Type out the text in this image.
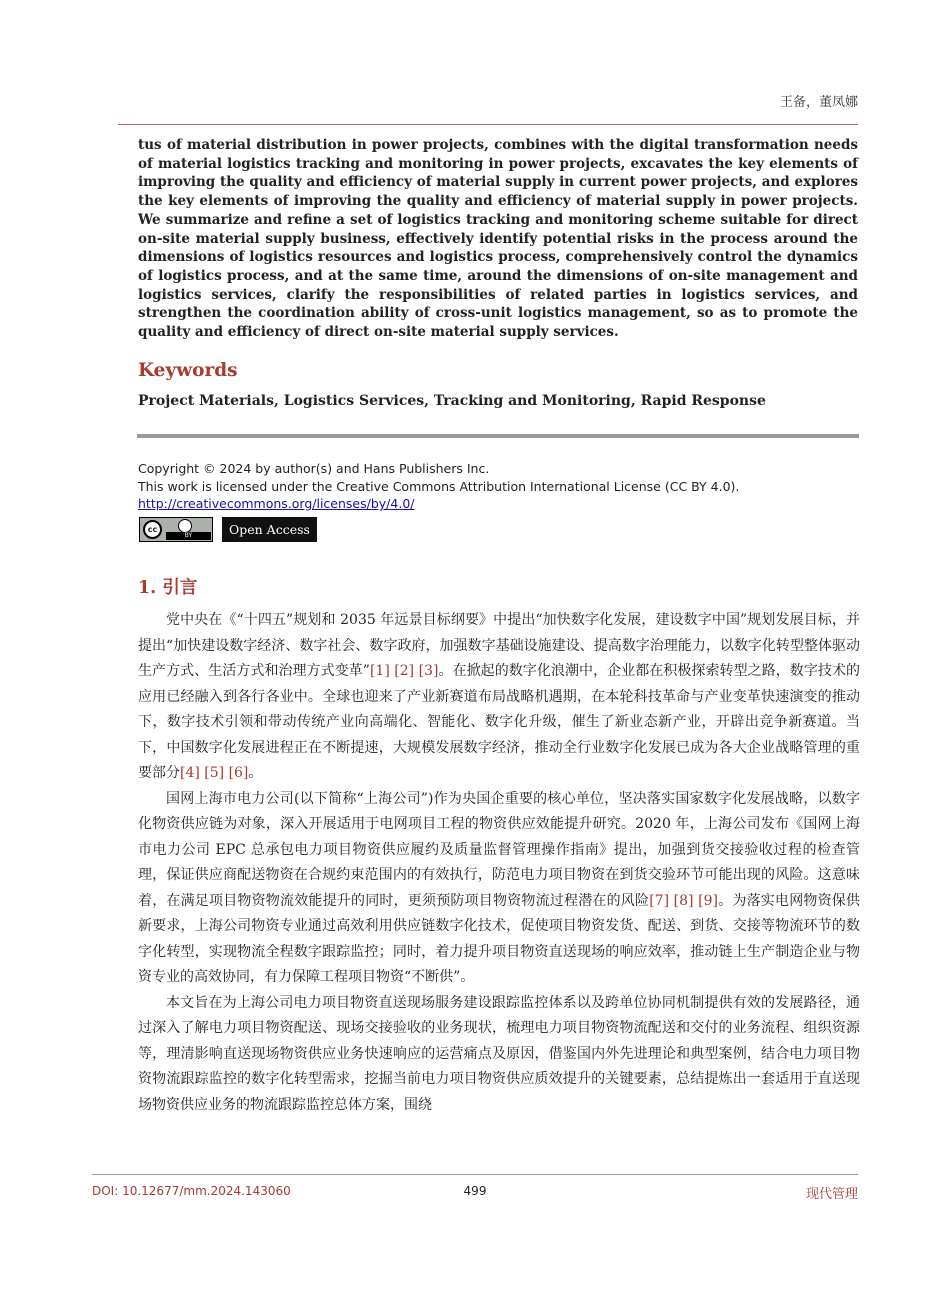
王备，董凤娜

tus of material distribution in power projects, combines with the digital transformation needs of material logistics tracking and monitoring in power projects, excavates the key elements of improving the quality and efficiency of material supply in current power projects, and explores the key elements of improving the quality and efficiency of material supply in power projects. We summarize and refine a set of logistics tracking and monitoring scheme suitable for direct on-site material supply business, effectively identify potential risks in the process around the dimensions of logistics resources and logistics process, comprehensively control the dynamics of logistics process, and at the same time, around the dimensions of on-site management and logistics services, clarify the responsibilities of related parties in logistics services, and strengthen the coordination ability of cross-unit logistics management, so as to promote the quality and efficiency of direct on-site material supply services.

Keywords
Project Materials, Logistics Services, Tracking and Monitoring, Rapid Response
Copyright © 2024 by author(s) and Hans Publishers Inc.
This work is licensed under the Creative Commons Attribution International License (CC BY 4.0).
http://creativecommons.org/licenses/by/4.0/
cc
BY	Open Access
1. 引言

党中央在《“十四五”规划和 2035 年远景目标纲要》中提出“加快数字化发展，建设数字中国”规划发展目标，并提出“加快建设数字经济、数字社会、数字政府，加强数字基础设施建设、提高数字治理能力，以数字化转型整体驱动生产方式、生活方式和治理方式变革”[1] [2] [3]。在掀起的数字化浪潮中，企业都在积极探索转型之路，数字技术的应用已经融入到各行各业中。全球也迎来了产业新赛道布局战略机遇期，在本轮科技革命与产业变革快速演变的推动下，数字技术引领和带动传统产业向高端化、智能化、数字化升级，催生了新业态新产业，开辟出竞争新赛道。当下，中国数字化发展进程正在不断提速，大规模发展数字经济，推动全行业数字化发展已成为各大企业战略管理的重要部分[4] [5] [6]。

国网上海市电力公司(以下简称“上海公司”)作为央国企重要的核心单位，坚决落实国家数字化发展战略，以数字化物资供应链为对象，深入开展适用于电网项目工程的物资供应效能提升研究。2020 年，上海公司发布《国网上海市电力公司 EPC 总承包电力项目物资供应履约及质量监督管理操作指南》提出，加强到货交接验收过程的检查管理，保证供应商配送物资在合规约束范围内的有效执行，防范电力项目物资在到货交验环节可能出现的风险。这意味着，在满足项目物资物流效能提升的同时，更须预防项目物资物流过程潜在的风险[7] [8] [9]。为落实电网物资保供新要求，上海公司物资专业通过高效利用供应链数字化技术，促使项目物资发货、配送、到货、交接等物流环节的数字化转型，实现物流全程数字跟踪监控；同时，着力提升项目物资直送现场的响应效率，推动链上生产制造企业与物资专业的高效协同，有力保障工程项目物资“不断供”。

本文旨在为上海公司电力项目物资直送现场服务建设跟踪监控体系以及跨单位协同机制提供有效的发展路径，通过深入了解电力项目物资配送、现场交接验收的业务现状，梳理电力项目物资物流配送和交付的业务流程、组织资源等，理清影响直送现场物资供应业务快速响应的运营痛点及原因，借鉴国内外先进理论和典型案例，结合电力项目物资物流跟踪监控的数字化转型需求，挖掘当前电力项目物资供应质效提升的关键要素，总结提炼出一套适用于直送现场物资供应业务的物流跟踪监控总体方案，围绕

DOI: 10.12677/mm.2024.143060	499	现代管理
